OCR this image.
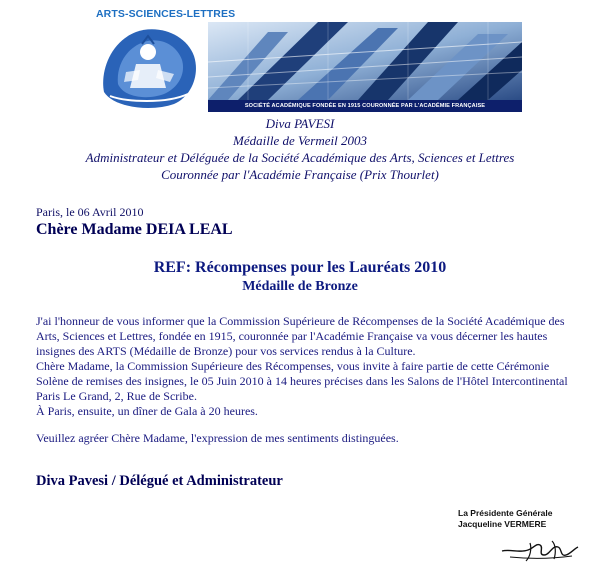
ARTS-SCIENCES-LETTRES
SOCIÉTÉ ACADÉMIQUE FONDÉE EN 1915 COURONNÉE PAR L'ACADÉMIE FRANÇAISE
Diva PAVESI
Médaille de Vermeil 2003
Administrateur et Déléguée de la Société Académique des Arts, Sciences et Lettres
Couronnée par l'Académie Française (Prix Thourlet)
Paris, le 06 Avril 2010
Chère Madame DEIA LEAL
REF: Récompenses pour les Lauréats 2010
Médaille de Bronze

J'ai l'honneur de vous informer que la Commission Supérieure de Récompenses de la Société Académique des Arts, Sciences et Lettres, fondée en 1915, couronnée par l'Académie Française va vous décerner les hautes insignes des ARTS (Médaille de Bronze) pour vos services rendus à la Culture.

Chère Madame, la Commission Supérieure des Récompenses, vous invite à faire partie de cette Cérémonie Solène de remises des insignes, le 05 Juin 2010 à 14 heures précises dans les Salons de l'Hôtel Intercontinental Paris Le Grand, 2, Rue de Scribe.

À Paris, ensuite, un dîner de Gala à 20 heures.

Veuillez agréer Chère Madame, l'expression de mes sentiments distinguées.

Diva Pavesi / Délégué et Administrateur
La Présidente Générale
Jacqueline VERMERE
